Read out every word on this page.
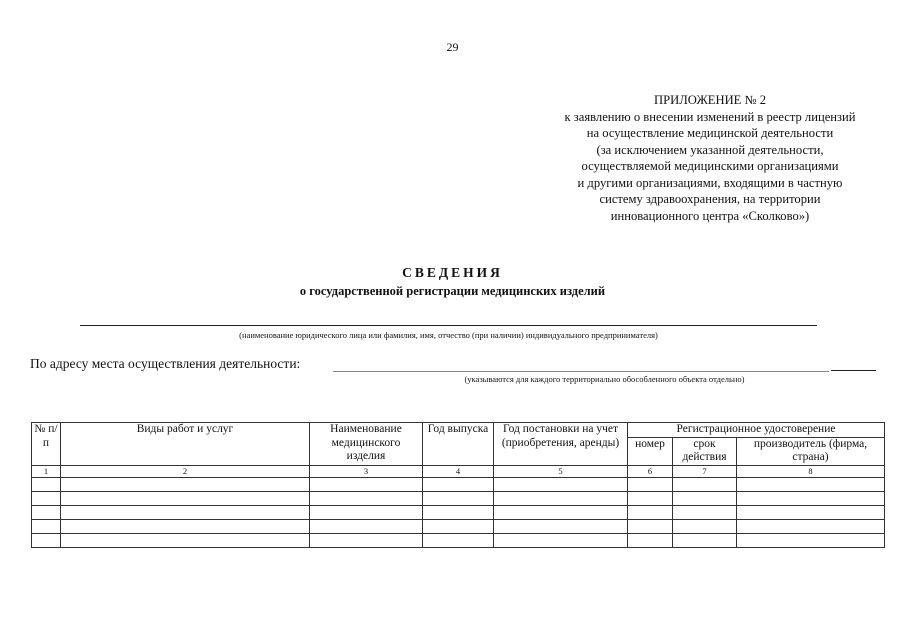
29
ПРИЛОЖЕНИЕ № 2
к заявлению о внесении изменений в реестр лицензий
на осуществление медицинской деятельности
(за исключением указанной деятельности,
осуществляемой медицинскими организациями
и другими организациями, входящими в частную
систему здравоохранения, на территории
инновационного центра «Сколково»)
СВЕДЕНИЯ
о государственной регистрации медицинских изделий
(наименование юридического лица или фамилия, имя, отчество (при наличии) индивидуального предпринимателя)
По адресу места осуществления деятельности:
(указываются для каждого территориально обособленного объекта отдельно)
№ п/п	Виды работ и услуг	Наименование медицинского изделия	Год выпуска	Год постановки на учет (приобретения, аренды)	Регистрационное удостоверение		
					номер	срок действия	производитель (фирма, страна)
1	2	3	4	5	6	7	8
